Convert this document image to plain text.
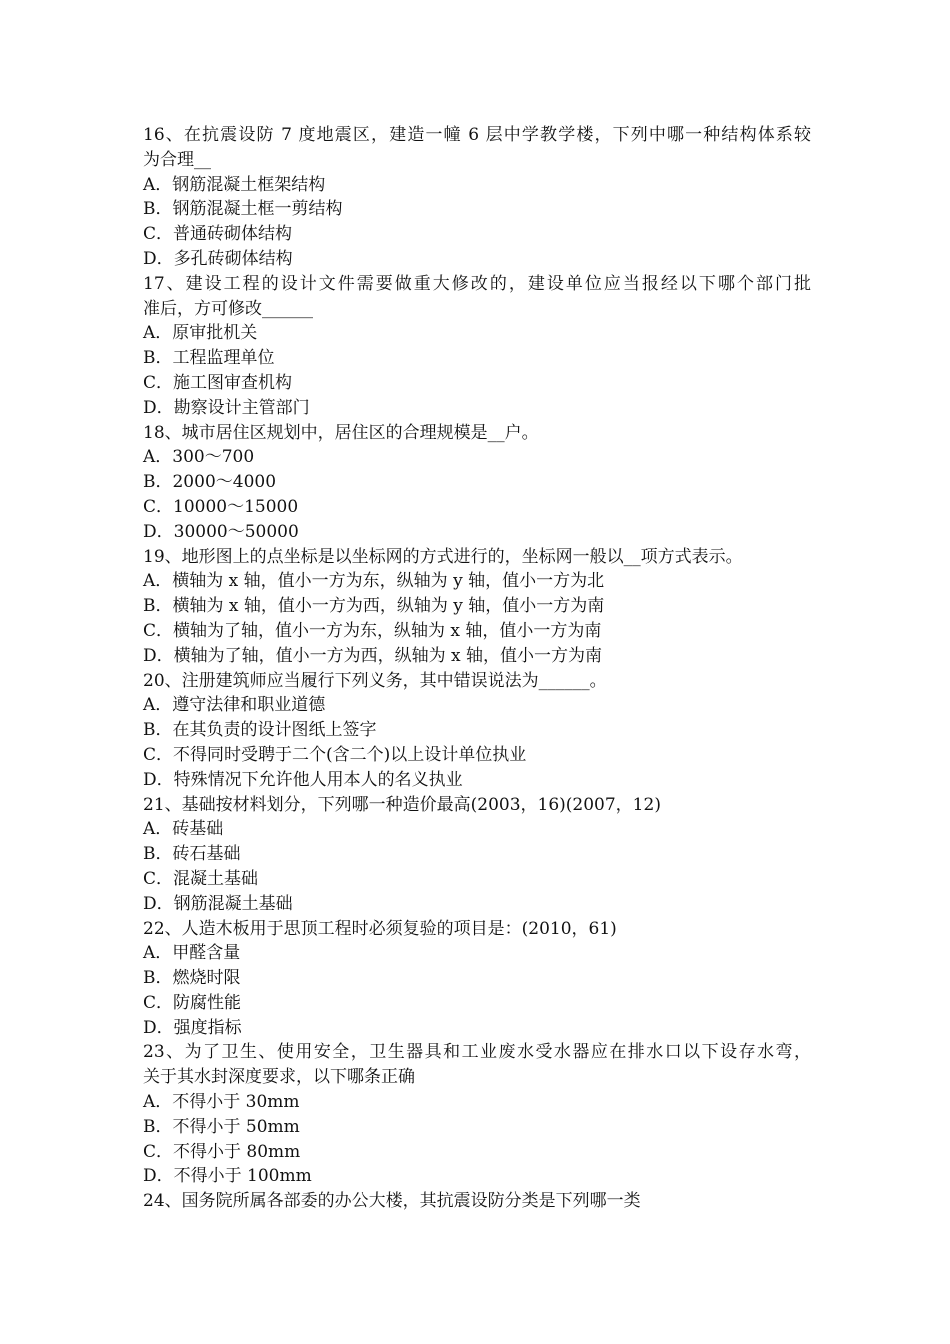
16、在抗震设防 7 度地震区，建造一幢 6 层中学教学楼，下列中哪一种结构体系较
为合理__
A．钢筋混凝土框架结构
B．钢筋混凝土框一剪结构
C．普通砖砌体结构
D．多孔砖砌体结构
17、建设工程的设计文件需要做重大修改的，建设单位应当报经以下哪个部门批
准后，方可修改______
A．原审批机关
B．工程监理单位
C．施工图审查机构
D．勘察设计主管部门
18、城市居住区规划中，居住区的合理规模是__户。
A．300～700
B．2000～4000
C．10000～15000
D．30000～50000
19、地形图上的点坐标是以坐标网的方式进行的，坐标网一般以__项方式表示。
A．横轴为 x 轴，值小一方为东，纵轴为 y 轴，值小一方为北
B．横轴为 x 轴，值小一方为西，纵轴为 y 轴，值小一方为南
C．横轴为了轴，值小一方为东，纵轴为 x 轴，值小一方为南
D．横轴为了轴，值小一方为西，纵轴为 x 轴，值小一方为南
20、注册建筑师应当履行下列义务，其中错误说法为______。
A．遵守法律和职业道德
B．在其负责的设计图纸上签字
C．不得同时受聘于二个(含二个)以上设计单位执业
D．特殊情况下允许他人用本人的名义执业
21、基础按材料划分，下列哪一种造价最高(2003，16)(2007，12)
A．砖基础
B．砖石基础
C．混凝土基础
D．钢筋混凝土基础
22、人造木板用于思顶工程时必须复验的项目是：(2010，61)
A．甲醛含量
B．燃烧时限
C．防腐性能
D．强度指标
23、为了卫生、使用安全，卫生器具和工业废水受水器应在排水口以下设存水弯，
关于其水封深度要求，以下哪条正确
A．不得小于 30mm
B．不得小于 50mm
C．不得小于 80mm
D．不得小于 100mm
24、国务院所属各部委的办公大楼，其抗震设防分类是下列哪一类
